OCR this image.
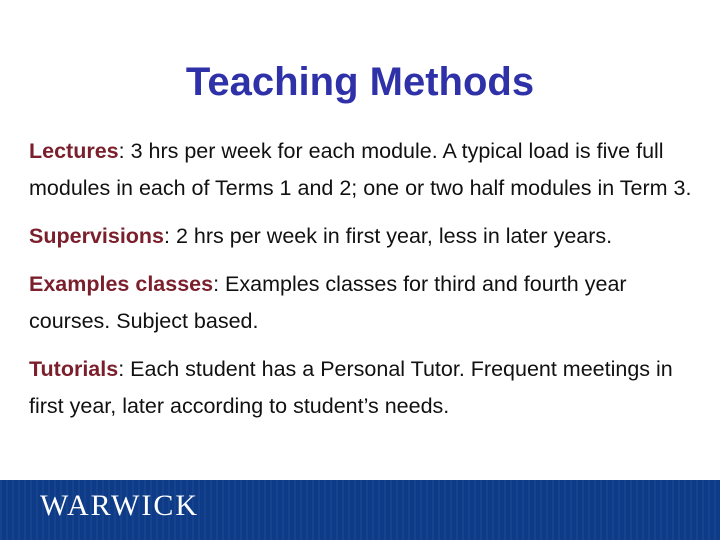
Teaching Methods

Lectures: 3 hrs per week for each module. A typical load is five full modules in each of Terms 1 and 2; one or two half modules in Term 3.

Supervisions: 2 hrs per week in first year, less in later years.

Examples classes: Examples classes for third and fourth year courses. Subject based.

Tutorials: Each student has a Personal Tutor. Frequent meetings in first year, later according to student’s needs.

WARWICK
